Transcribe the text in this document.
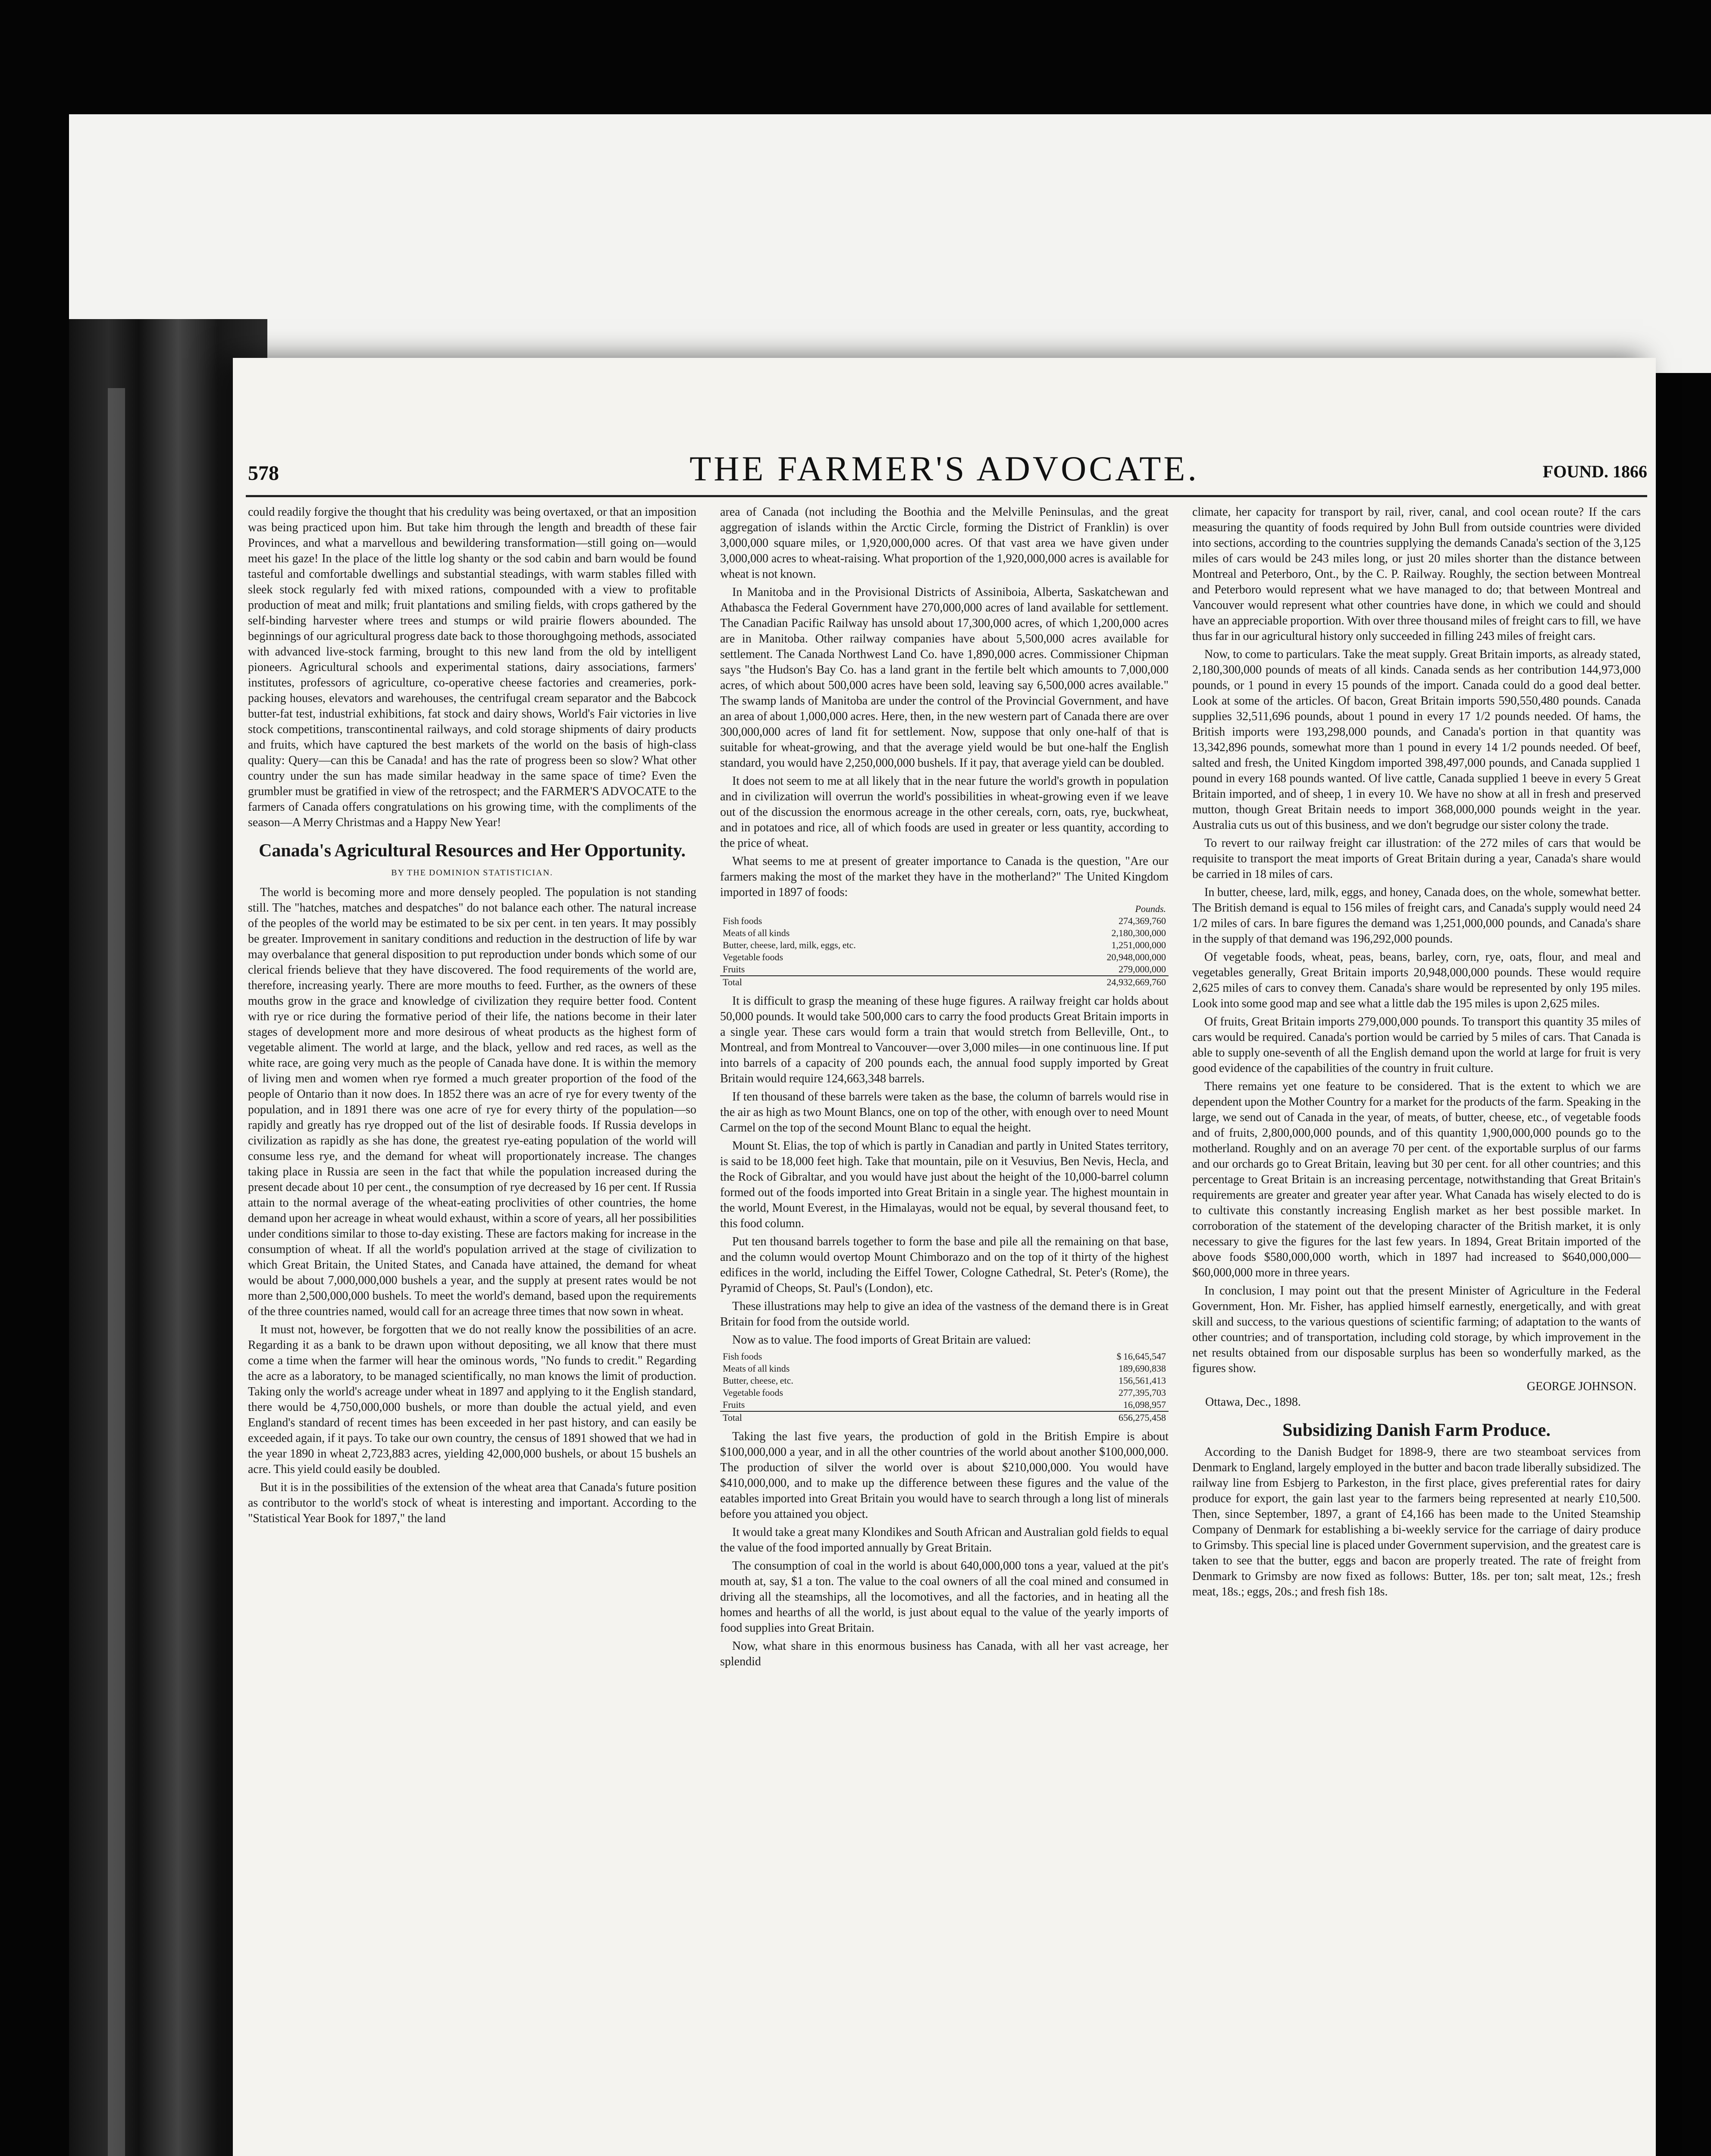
578	THE FARMER'S ADVOCATE.	FOUND. 1866

could readily forgive the thought that his credulity was being overtaxed, or that an imposition was being practiced upon him. But take him through the length and breadth of these fair Provinces, and what a marvellous and bewildering transformation—still going on—would meet his gaze! In the place of the little log shanty or the sod cabin and barn would be found tasteful and comfortable dwellings and substantial steadings, with warm stables filled with sleek stock regularly fed with mixed rations, compounded with a view to profitable production of meat and milk; fruit plantations and smiling fields, with crops gathered by the self-binding harvester where trees and stumps or wild prairie flowers abounded. The beginnings of our agricultural progress date back to those thoroughgoing methods, associated with advanced live-stock farming, brought to this new land from the old by intelligent pioneers. Agricultural schools and experimental stations, dairy associations, farmers' institutes, professors of agriculture, co-operative cheese factories and creameries, pork-packing houses, elevators and warehouses, the centrifugal cream separator and the Babcock butter-fat test, industrial exhibitions, fat stock and dairy shows, World's Fair victories in live stock competitions, transcontinental railways, and cold storage shipments of dairy products and fruits, which have captured the best markets of the world on the basis of high-class quality: Query—can this be Canada! and has the rate of progress been so slow? What other country under the sun has made similar headway in the same space of time? Even the grumbler must be gratified in view of the retrospect; and the FARMER'S ADVOCATE to the farmers of Canada offers congratulations on his growing time, with the compliments of the season—A Merry Christmas and a Happy New Year!

Canada's Agricultural Resources and Her Opportunity.
BY THE DOMINION STATISTICIAN.

The world is becoming more and more densely peopled. The population is not standing still. The "hatches, matches and despatches" do not balance each other. The natural increase of the peoples of the world may be estimated to be six per cent. in ten years. It may possibly be greater. Improvement in sanitary conditions and reduction in the destruction of life by war may overbalance that general disposition to put reproduction under bonds which some of our clerical friends believe that they have discovered. The food requirements of the world are, therefore, increasing yearly. There are more mouths to feed. Further, as the owners of these mouths grow in the grace and knowledge of civilization they require better food. Content with rye or rice during the formative period of their life, the nations become in their later stages of development more and more desirous of wheat products as the highest form of vegetable aliment. The world at large, and the black, yellow and red races, as well as the white race, are going very much as the people of Canada have done. It is within the memory of living men and women when rye formed a much greater proportion of the food of the people of Ontario than it now does. In 1852 there was an acre of rye for every twenty of the population, and in 1891 there was one acre of rye for every thirty of the population—so rapidly and greatly has rye dropped out of the list of desirable foods. If Russia develops in civilization as rapidly as she has done, the greatest rye-eating population of the world will consume less rye, and the demand for wheat will proportionately increase. The changes taking place in Russia are seen in the fact that while the population increased during the present decade about 10 per cent., the consumption of rye decreased by 16 per cent. If Russia attain to the normal average of the wheat-eating proclivities of other countries, the home demand upon her acreage in wheat would exhaust, within a score of years, all her possibilities under conditions similar to those to-day existing. These are factors making for increase in the consumption of wheat. If all the world's population arrived at the stage of civilization to which Great Britain, the United States, and Canada have attained, the demand for wheat would be about 7,000,000,000 bushels a year, and the supply at present rates would be not more than 2,500,000,000 bushels. To meet the world's demand, based upon the requirements of the three countries named, would call for an acreage three times that now sown in wheat.

It must not, however, be forgotten that we do not really know the possibilities of an acre. Regarding it as a bank to be drawn upon without depositing, we all know that there must come a time when the farmer will hear the ominous words, "No funds to credit." Regarding the acre as a laboratory, to be managed scientifically, no man knows the limit of production. Taking only the world's acreage under wheat in 1897 and applying to it the English standard, there would be 4,750,000,000 bushels, or more than double the actual yield, and even England's standard of recent times has been exceeded in her past history, and can easily be exceeded again, if it pays. To take our own country, the census of 1891 showed that we had in the year 1890 in wheat 2,723,883 acres, yielding 42,000,000 bushels, or about 15 bushels an acre. This yield could easily be doubled.

But it is in the possibilities of the extension of the wheat area that Canada's future position as contributor to the world's stock of wheat is interesting and important. According to the "Statistical Year Book for 1897," the land

area of Canada (not including the Boothia and the Melville Peninsulas, and the great aggregation of islands within the Arctic Circle, forming the District of Franklin) is over 3,000,000 square miles, or 1,920,000,000 acres. Of that vast area we have given under 3,000,000 acres to wheat-raising. What proportion of the 1,920,000,000 acres is available for wheat is not known.

In Manitoba and in the Provisional Districts of Assiniboia, Alberta, Saskatchewan and Athabasca the Federal Government have 270,000,000 acres of land available for settlement. The Canadian Pacific Railway has unsold about 17,300,000 acres, of which 1,200,000 acres are in Manitoba. Other railway companies have about 5,500,000 acres available for settlement. The Canada Northwest Land Co. have 1,890,000 acres. Commissioner Chipman says "the Hudson's Bay Co. has a land grant in the fertile belt which amounts to 7,000,000 acres, of which about 500,000 acres have been sold, leaving say 6,500,000 acres available." The swamp lands of Manitoba are under the control of the Provincial Government, and have an area of about 1,000,000 acres. Here, then, in the new western part of Canada there are over 300,000,000 acres of land fit for settlement. Now, suppose that only one-half of that is suitable for wheat-growing, and that the average yield would be but one-half the English standard, you would have 2,250,000,000 bushels. If it pay, that average yield can be doubled.

It does not seem to me at all likely that in the near future the world's growth in population and in civilization will overrun the world's possibilities in wheat-growing even if we leave out of the discussion the enormous acreage in the other cereals, corn, oats, rye, buckwheat, and in potatoes and rice, all of which foods are used in greater or less quantity, according to the price of wheat.

What seems to me at present of greater importance to Canada is the question, "Are our farmers making the most of the market they have in the motherland?" The United Kingdom imported in 1897 of foods:

	Pounds.
Fish foods	274,369,760
Meats of all kinds	2,180,300,000
Butter, cheese, lard, milk, eggs, etc.	1,251,000,000
Vegetable foods	20,948,000,000
Fruits	279,000,000
Total	24,932,669,760

It is difficult to grasp the meaning of these huge figures. A railway freight car holds about 50,000 pounds. It would take 500,000 cars to carry the food products Great Britain imports in a single year. These cars would form a train that would stretch from Belleville, Ont., to Montreal, and from Montreal to Vancouver—over 3,000 miles—in one continuous line. If put into barrels of a capacity of 200 pounds each, the annual food supply imported by Great Britain would require 124,663,348 barrels.

If ten thousand of these barrels were taken as the base, the column of barrels would rise in the air as high as two Mount Blancs, one on top of the other, with enough over to need Mount Carmel on the top of the second Mount Blanc to equal the height.

Mount St. Elias, the top of which is partly in Canadian and partly in United States territory, is said to be 18,000 feet high. Take that mountain, pile on it Vesuvius, Ben Nevis, Hecla, and the Rock of Gibraltar, and you would have just about the height of the 10,000-barrel column formed out of the foods imported into Great Britain in a single year. The highest mountain in the world, Mount Everest, in the Himalayas, would not be equal, by several thousand feet, to this food column.

Put ten thousand barrels together to form the base and pile all the remaining on that base, and the column would overtop Mount Chimborazo and on the top of it thirty of the highest edifices in the world, including the Eiffel Tower, Cologne Cathedral, St. Peter's (Rome), the Pyramid of Cheops, St. Paul's (London), etc.

These illustrations may help to give an idea of the vastness of the demand there is in Great Britain for food from the outside world.

Now as to value. The food imports of Great Britain are valued:

Fish foods	$ 16,645,547
Meats of all kinds	189,690,838
Butter, cheese, etc.	156,561,413
Vegetable foods	277,395,703
Fruits	16,098,957
Total	656,275,458

Taking the last five years, the production of gold in the British Empire is about $100,000,000 a year, and in all the other countries of the world about another $100,000,000. The production of silver the world over is about $210,000,000. You would have $410,000,000, and to make up the difference between these figures and the value of the eatables imported into Great Britain you would have to search through a long list of minerals before you attained you object.

It would take a great many Klondikes and South African and Australian gold fields to equal the value of the food imported annually by Great Britain.

The consumption of coal in the world is about 640,000,000 tons a year, valued at the pit's mouth at, say, $1 a ton. The value to the coal owners of all the coal mined and consumed in driving all the steamships, all the locomotives, and all the factories, and in heating all the homes and hearths of all the world, is just about equal to the value of the yearly imports of food supplies into Great Britain.

Now, what share in this enormous business has Canada, with all her vast acreage, her splendid

climate, her capacity for transport by rail, river, canal, and cool ocean route? If the cars measuring the quantity of foods required by John Bull from outside countries were divided into sections, according to the countries supplying the demands Canada's section of the 3,125 miles of cars would be 243 miles long, or just 20 miles shorter than the distance between Montreal and Peterboro, Ont., by the C. P. Railway. Roughly, the section between Montreal and Peterboro would represent what we have managed to do; that between Montreal and Vancouver would represent what other countries have done, in which we could and should have an appreciable proportion. With over three thousand miles of freight cars to fill, we have thus far in our agricultural history only succeeded in filling 243 miles of freight cars.

Now, to come to particulars. Take the meat supply. Great Britain imports, as already stated, 2,180,300,000 pounds of meats of all kinds. Canada sends as her contribution 144,973,000 pounds, or 1 pound in every 15 pounds of the import. Canada could do a good deal better. Look at some of the articles. Of bacon, Great Britain imports 590,550,480 pounds. Canada supplies 32,511,696 pounds, about 1 pound in every 17 1/2 pounds needed. Of hams, the British imports were 193,298,000 pounds, and Canada's portion in that quantity was 13,342,896 pounds, somewhat more than 1 pound in every 14 1/2 pounds needed. Of beef, salted and fresh, the United Kingdom imported 398,497,000 pounds, and Canada supplied 1 pound in every 168 pounds wanted. Of live cattle, Canada supplied 1 beeve in every 5 Great Britain imported, and of sheep, 1 in every 10. We have no show at all in fresh and preserved mutton, though Great Britain needs to import 368,000,000 pounds weight in the year. Australia cuts us out of this business, and we don't begrudge our sister colony the trade.

To revert to our railway freight car illustration: of the 272 miles of cars that would be requisite to transport the meat imports of Great Britain during a year, Canada's share would be carried in 18 miles of cars.

In butter, cheese, lard, milk, eggs, and honey, Canada does, on the whole, somewhat better. The British demand is equal to 156 miles of freight cars, and Canada's supply would need 24 1/2 miles of cars. In bare figures the demand was 1,251,000,000 pounds, and Canada's share in the supply of that demand was 196,292,000 pounds.

Of vegetable foods, wheat, peas, beans, barley, corn, rye, oats, flour, and meal and vegetables generally, Great Britain imports 20,948,000,000 pounds. These would require 2,625 miles of cars to convey them. Canada's share would be represented by only 195 miles. Look into some good map and see what a little dab the 195 miles is upon 2,625 miles.

Of fruits, Great Britain imports 279,000,000 pounds. To transport this quantity 35 miles of cars would be required. Canada's portion would be carried by 5 miles of cars. That Canada is able to supply one-seventh of all the English demand upon the world at large for fruit is very good evidence of the capabilities of the country in fruit culture.

There remains yet one feature to be considered. That is the extent to which we are dependent upon the Mother Country for a market for the products of the farm. Speaking in the large, we send out of Canada in the year, of meats, of butter, cheese, etc., of vegetable foods and of fruits, 2,800,000,000 pounds, and of this quantity 1,900,000,000 pounds go to the motherland. Roughly and on an average 70 per cent. of the exportable surplus of our farms and our orchards go to Great Britain, leaving but 30 per cent. for all other countries; and this percentage to Great Britain is an increasing percentage, notwithstanding that Great Britain's requirements are greater and greater year after year. What Canada has wisely elected to do is to cultivate this constantly increasing English market as her best possible market. In corroboration of the statement of the developing character of the British market, it is only necessary to give the figures for the last few years. In 1894, Great Britain imported of the above foods $580,000,000 worth, which in 1897 had increased to $640,000,000—$60,000,000 more in three years.

In conclusion, I may point out that the present Minister of Agriculture in the Federal Government, Hon. Mr. Fisher, has applied himself earnestly, energetically, and with great skill and success, to the various questions of scientific farming; of adaptation to the wants of other countries; and of transportation, including cold storage, by which improvement in the net results obtained from our disposable surplus has been so wonderfully marked, as the figures show.

GEORGE JOHNSON.
Ottawa, Dec., 1898.
Subsidizing Danish Farm Produce.

According to the Danish Budget for 1898-9, there are two steamboat services from Denmark to England, largely employed in the butter and bacon trade liberally subsidized. The railway line from Esbjerg to Parkeston, in the first place, gives preferential rates for dairy produce for export, the gain last year to the farmers being represented at nearly £10,500. Then, since September, 1897, a grant of £4,166 has been made to the United Steamship Company of Denmark for establishing a bi-weekly service for the carriage of dairy produce to Grimsby. This special line is placed under Government supervision, and the greatest care is taken to see that the butter, eggs and bacon are properly treated. The rate of freight from Denmark to Grimsby are now fixed as follows: Butter, 18s. per ton; salt meat, 12s.; fresh meat, 18s.; eggs, 20s.; and fresh fish 18s.
